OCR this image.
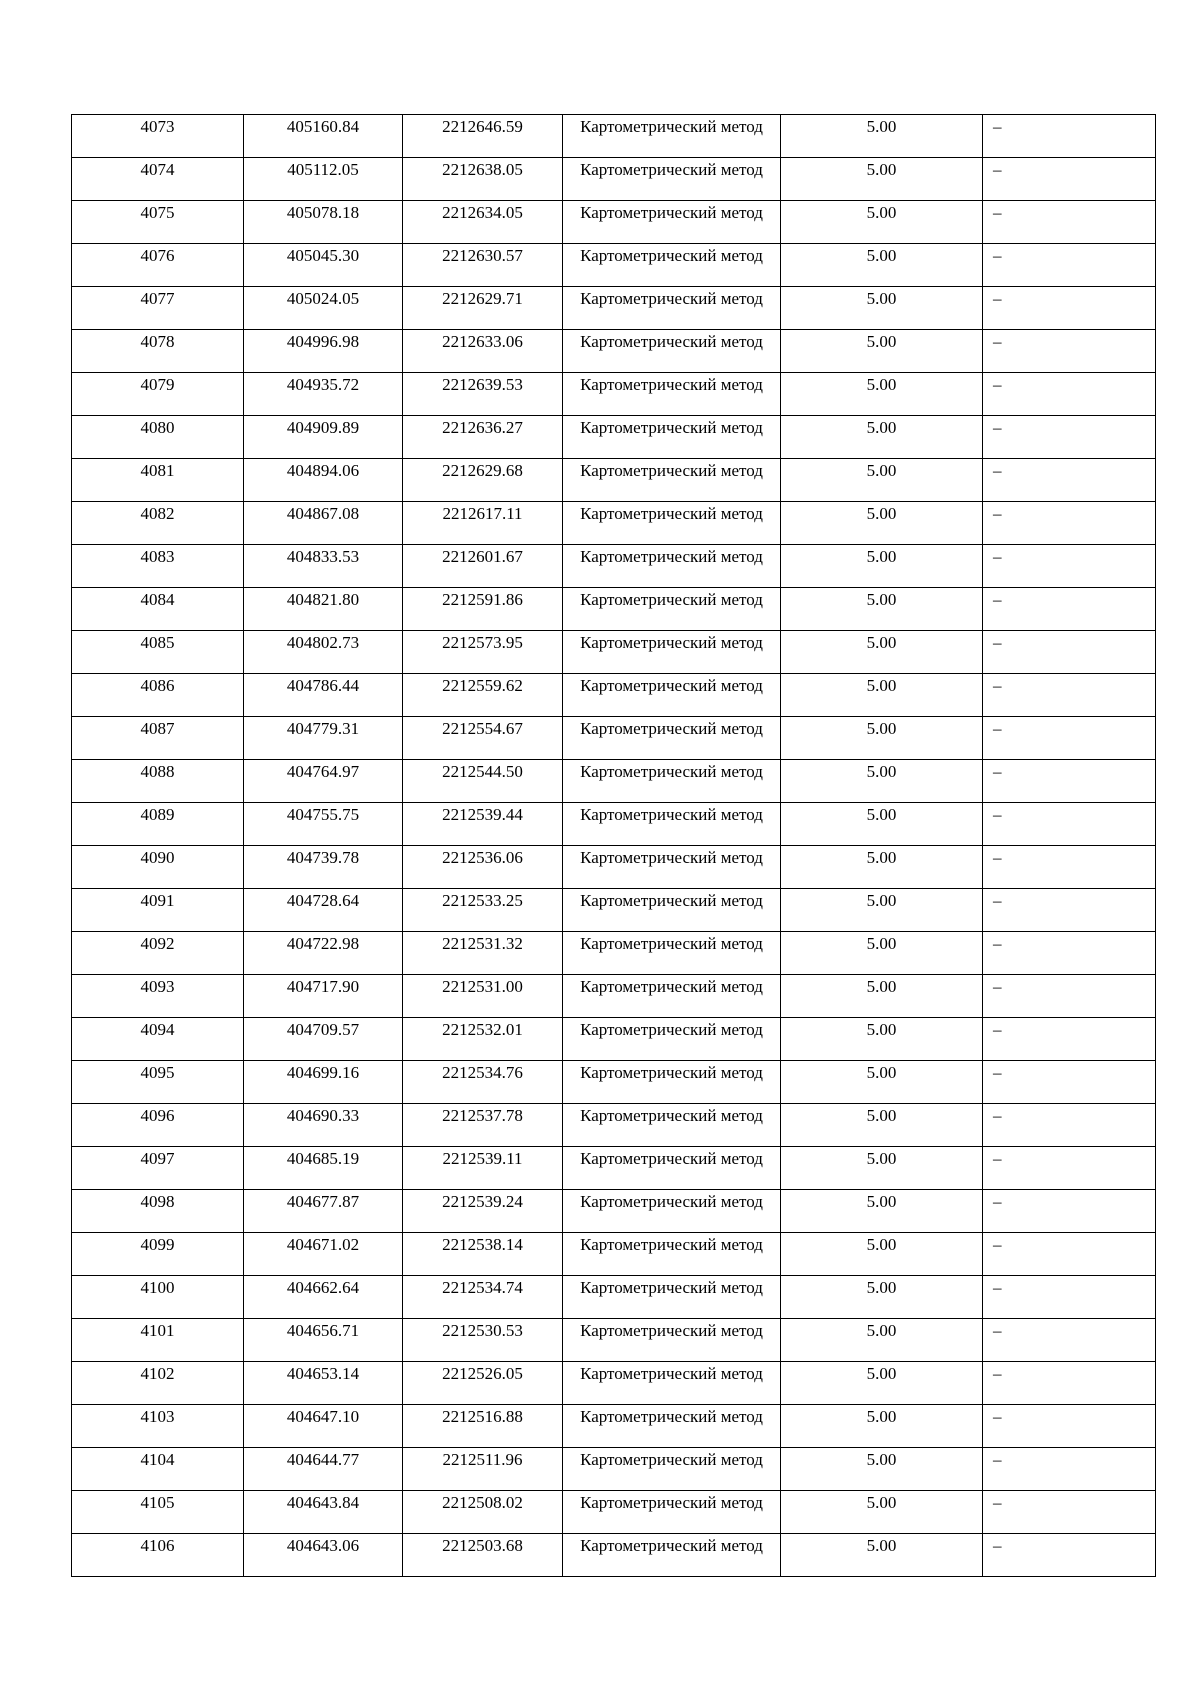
4073	405160.84	2212646.59	Картометрический метод	5.00	–

4074	405112.05	2212638.05	Картометрический метод	5.00	–

4075	405078.18	2212634.05	Картометрический метод	5.00	–

4076	405045.30	2212630.57	Картометрический метод	5.00	–

4077	405024.05	2212629.71	Картометрический метод	5.00	–

4078	404996.98	2212633.06	Картометрический метод	5.00	–

4079	404935.72	2212639.53	Картометрический метод	5.00	–

4080	404909.89	2212636.27	Картометрический метод	5.00	–

4081	404894.06	2212629.68	Картометрический метод	5.00	–

4082	404867.08	2212617.11	Картометрический метод	5.00	–

4083	404833.53	2212601.67	Картометрический метод	5.00	–

4084	404821.80	2212591.86	Картометрический метод	5.00	–

4085	404802.73	2212573.95	Картометрический метод	5.00	–

4086	404786.44	2212559.62	Картометрический метод	5.00	–

4087	404779.31	2212554.67	Картометрический метод	5.00	–

4088	404764.97	2212544.50	Картометрический метод	5.00	–

4089	404755.75	2212539.44	Картометрический метод	5.00	–

4090	404739.78	2212536.06	Картометрический метод	5.00	–

4091	404728.64	2212533.25	Картометрический метод	5.00	–

4092	404722.98	2212531.32	Картометрический метод	5.00	–

4093	404717.90	2212531.00	Картометрический метод	5.00	–

4094	404709.57	2212532.01	Картометрический метод	5.00	–

4095	404699.16	2212534.76	Картометрический метод	5.00	–

4096	404690.33	2212537.78	Картометрический метод	5.00	–

4097	404685.19	2212539.11	Картометрический метод	5.00	–

4098	404677.87	2212539.24	Картометрический метод	5.00	–

4099	404671.02	2212538.14	Картометрический метод	5.00	–

4100	404662.64	2212534.74	Картометрический метод	5.00	–

4101	404656.71	2212530.53	Картометрический метод	5.00	–

4102	404653.14	2212526.05	Картометрический метод	5.00	–

4103	404647.10	2212516.88	Картометрический метод	5.00	–

4104	404644.77	2212511.96	Картометрический метод	5.00	–

4105	404643.84	2212508.02	Картометрический метод	5.00	–

4106	404643.06	2212503.68	Картометрический метод	5.00	–
